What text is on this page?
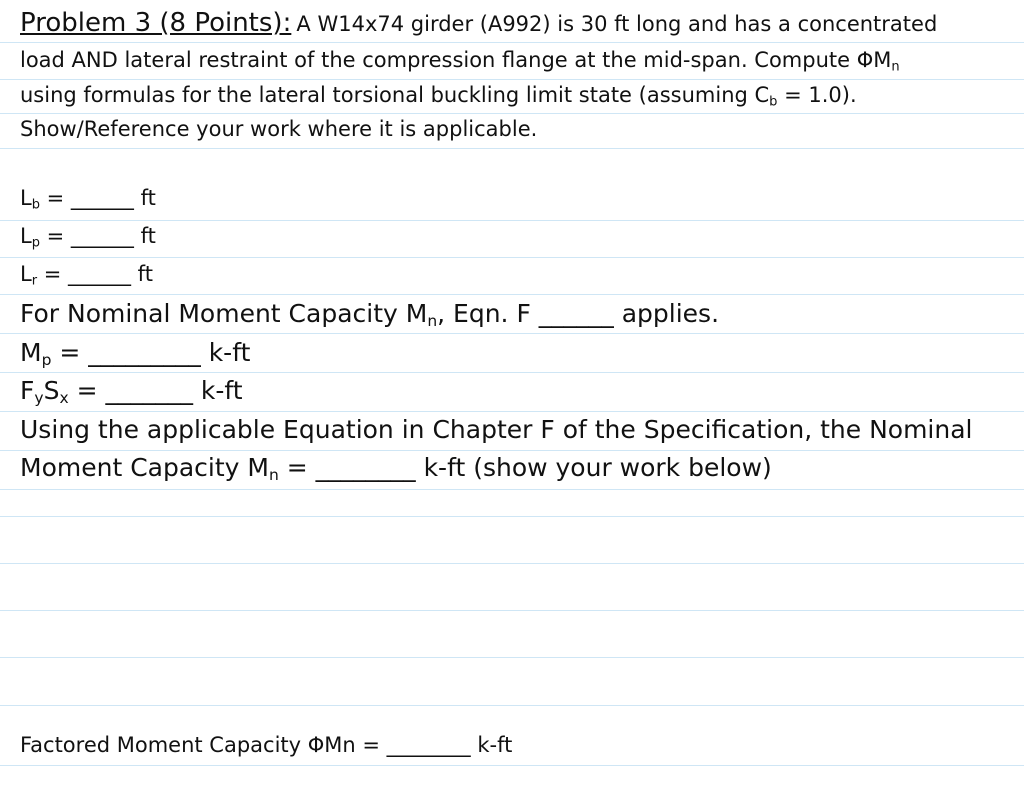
Problem 3 (8 Points): A W14x74 girder (A992) is 30 ft long and has a concentrated
load AND lateral restraint of the compression flange at the mid-span. Compute $\Phi M_n$
using formulas for the lateral torsional buckling limit state (assuming $C_b = 1.0$).
Show/Reference your work where it is applicable.
$L_b$ = ______ ft
$L_p$ = ______ ft
$L_r$ = ______ ft
For Nominal Moment Capacity $M_n$, Eqn. F ______ applies.
$M_p$ = _________ k-ft
$F_yS_x$ = _______ k-ft
Using the applicable Equation in Chapter F of the Specification, the Nominal
Moment Capacity $M_n$ = ________ k-ft (show your work below)
Factored Moment Capacity ΦMn = ________ k-ft
